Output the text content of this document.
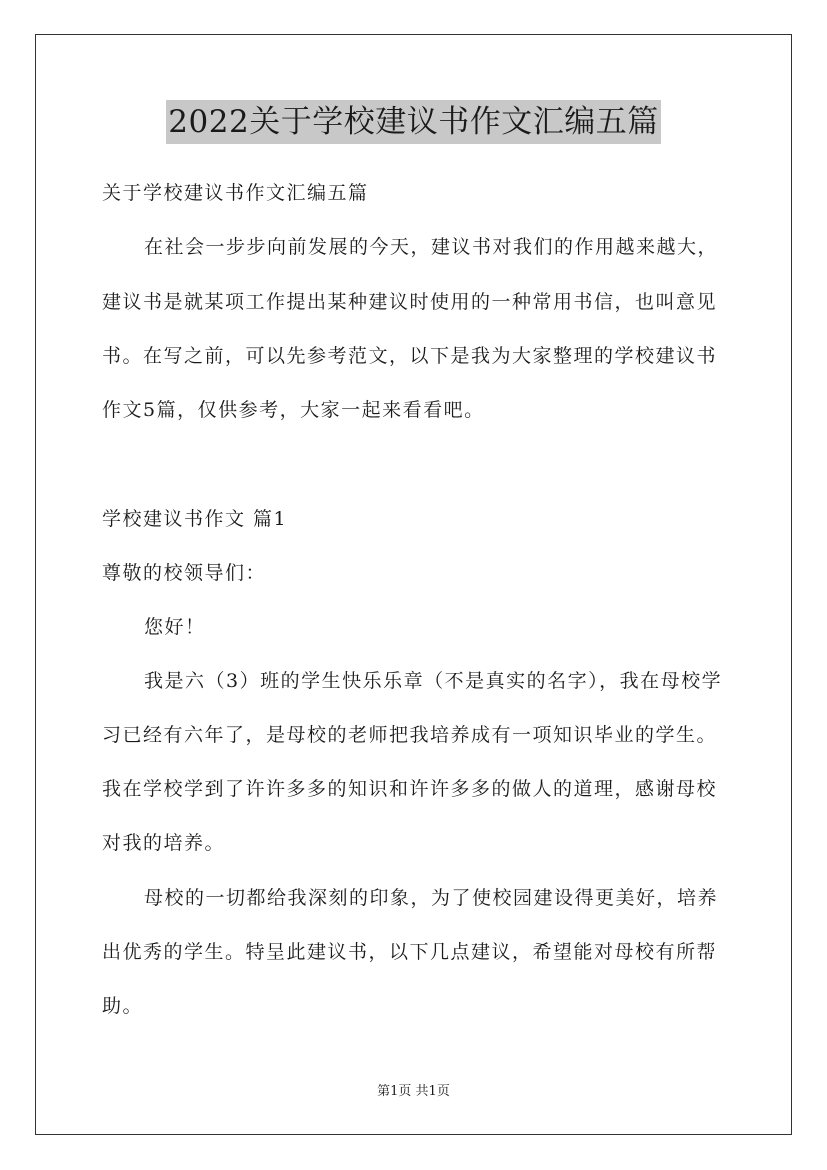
2022关于学校建议书作文汇编五篇
关于学校建议书作文汇编五篇
在社会一步步向前发展的今天，建议书对我们的作用越来越大，
建议书是就某项工作提出某种建议时使用的一种常用书信，也叫意见
书。在写之前，可以先参考范文，以下是我为大家整理的学校建议书
作文5篇，仅供参考，大家一起来看看吧。
学校建议书作文 篇1
尊敬的校领导们：
您好！
我是六（3）班的学生快乐乐章（不是真实的名字），我在母校学
习已经有六年了，是母校的老师把我培养成有一项知识毕业的学生。
我在学校学到了许许多多的知识和许许多多的做人的道理，感谢母校
对我的培养。
母校的一切都给我深刻的印象，为了使校园建设得更美好，培养
出优秀的学生。特呈此建议书，以下几点建议，希望能对母校有所帮
助。
第1页 共1页
